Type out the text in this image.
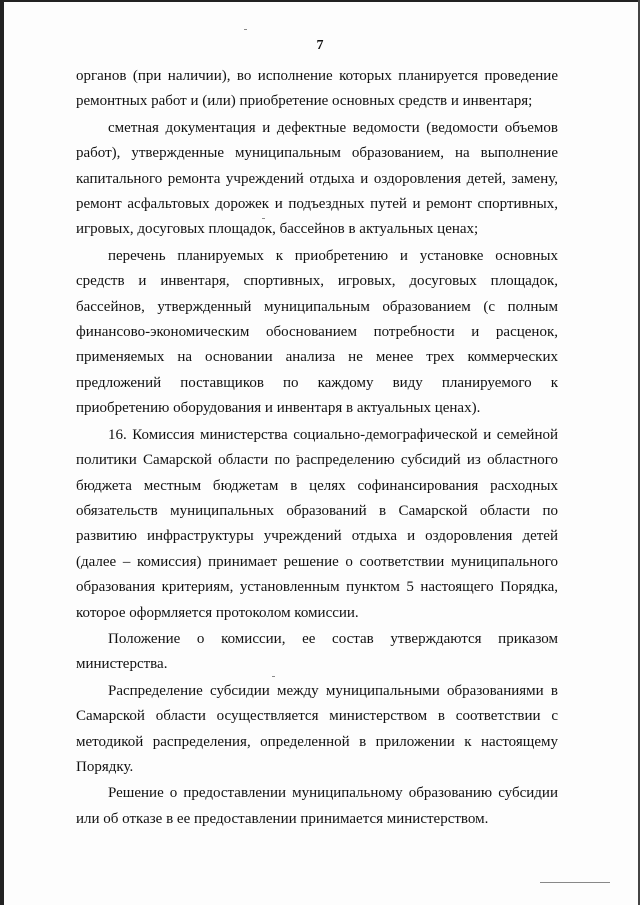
7

органов (при наличии), во исполнение которых планируется проведение ремонтных работ и (или) приобретение основных средств и инвентаря;

сметная документация и дефектные ведомости (ведомости объемов работ), утвержденные муниципальным образованием, на выполнение капитального ремонта учреждений отдыха и оздоровления детей, замену, ремонт асфальтовых дорожек и подъездных путей и ремонт спортивных, игровых, досуговых площадок, бассейнов в актуальных ценах;

перечень планируемых к приобретению и установке основных средств и инвентаря, спортивных, игровых, досуговых площадок, бассейнов, утвержденный муниципальным образованием (с полным финансово-экономическим обоснованием потребности и расценок, применяемых на основании анализа не менее трех коммерческих предложений поставщиков по каждому виду планируемого к приобретению оборудования и инвентаря в актуальных ценах).

16. Комиссия министерства социально-демографической и семейной политики Самарской области по распределению субсидий из областного бюджета местным бюджетам в целях софинансирования расходных обязательств муниципальных образований в Самарской области по развитию инфраструктуры учреждений отдыха и оздоровления детей (далее – комиссия) принимает решение о соответствии муниципального образования критериям, установленным пунктом 5 настоящего Порядка, которое оформляется протоколом комиссии.

Положение о комиссии, ее состав утверждаются приказом министерства.

Распределение субсидии между муниципальными образованиями в Самарской области осуществляется министерством в соответствии с методикой распределения, определенной в приложении к настоящему Порядку.

Решение о предоставлении муниципальному образованию субсидии или об отказе в ее предоставлении принимается министерством.
